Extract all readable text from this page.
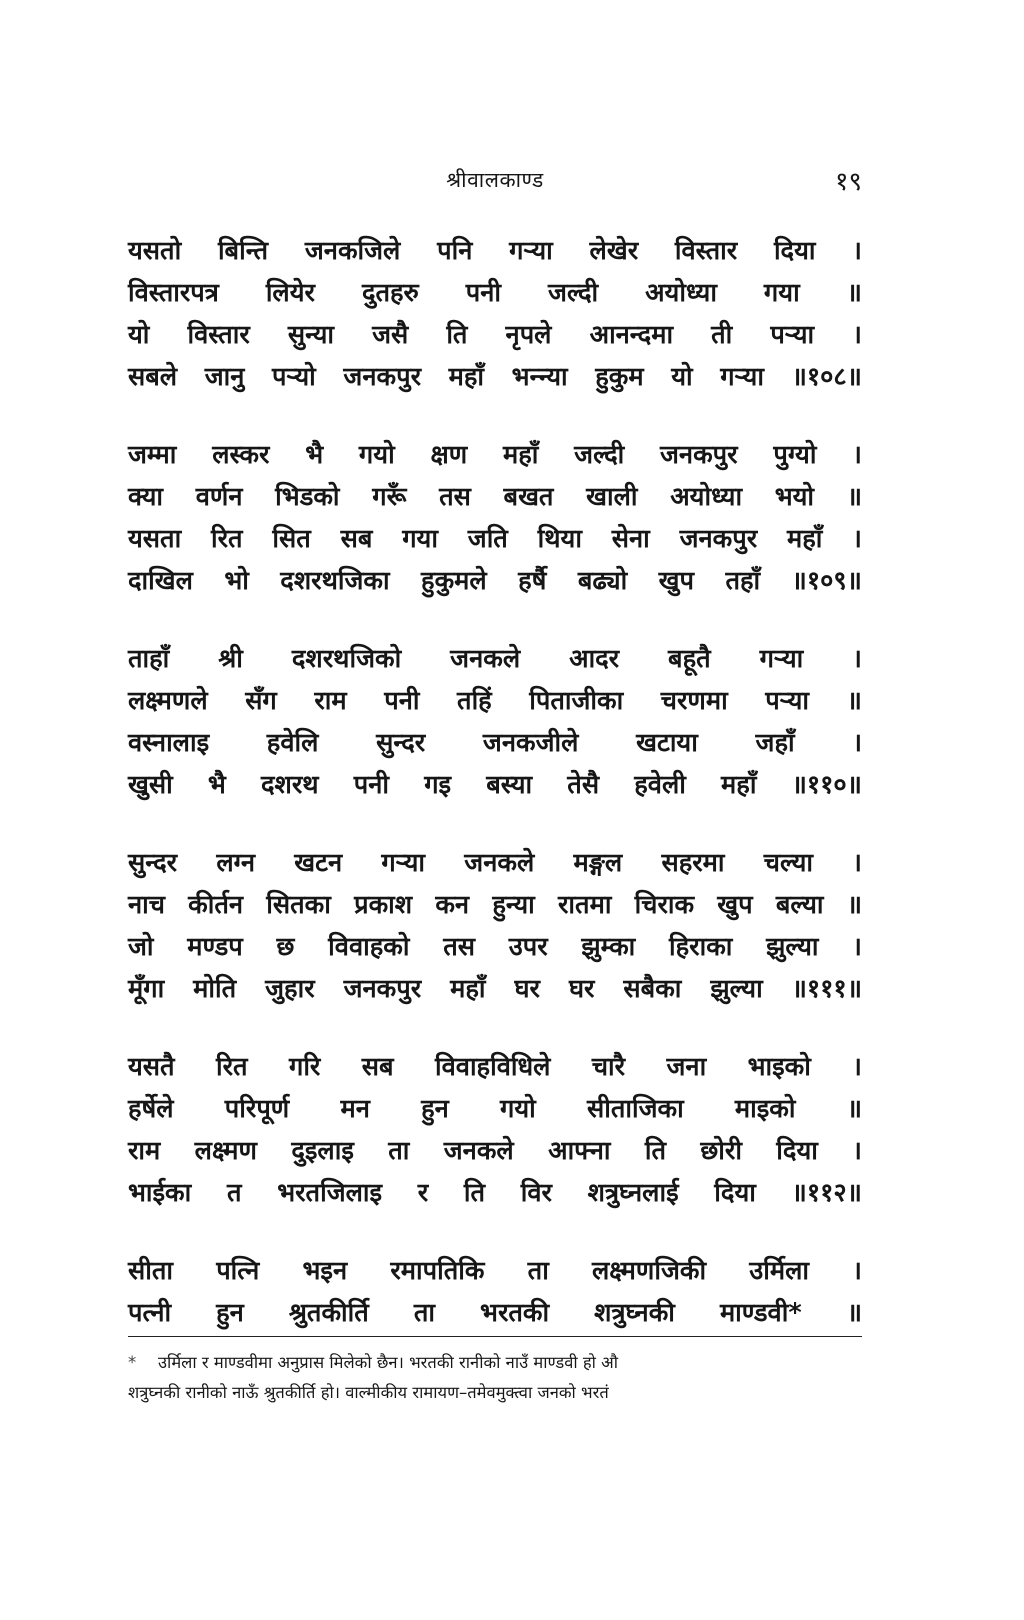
श्रीवालकाण्ड	१९
यसतो बिन्ति जनकजिले पनि गऱ्या लेखेर विस्तार दिया ।
विस्तारपत्र लियेर दुतहरु पनी जल्दी अयोध्या गया ॥
यो विस्तार सुन्या जसै ति नृपले आनन्दमा ती पऱ्या ।
सबले जानु पऱ्यो जनकपुर महाँ भन्न्या हुकुम यो गऱ्या ॥१०८॥
जम्मा लस्कर भै गयो क्षण महाँ जल्दी जनकपुर पुग्यो ।
क्या वर्णन भिडको गरूँ तस बखत खाली अयोध्या भयो ॥
यसता रित सित सब गया जति थिया सेना जनकपुर महाँ ।
दाखिल भो दशरथजिका हुकुमले हर्षै बढ्यो खुप तहाँ ॥१०९॥
ताहाँ श्री दशरथजिको जनकले आदर बहूतै गऱ्या ।
लक्ष्मणले सँग राम पनी तहिं पिताजीका चरणमा पऱ्या ॥
वस्नालाइ हवेलि सुन्दर जनकजीले खटाया जहाँ ।
खुसी भै दशरथ पनी गइ बस्या तेसै हवेली महाँ ॥११०॥
सुन्दर लग्न खटन गऱ्या जनकले मङ्गल सहरमा चल्या ।
नाच कीर्तन सितका प्रकाश कन हुन्या रातमा चिराक खुप बल्या ॥
जो मण्डप छ विवाहको तस उपर झुम्का हिराका झुल्या ।
मूँगा मोति जुहार जनकपुर महाँ घर घर सबैका झुल्या ॥१११॥
यसतै रित गरि सब विवाहविधिले चारै जना भाइको ।
हर्षेले परिपूर्ण मन हुन गयो सीताजिका माइको ॥
राम लक्ष्मण दुइलाइ ता जनकले आफ्ना ति छोरी दिया ।
भाईका त भरतजिलाइ र ति विर शत्रुघ्नलाई दिया ॥११२॥
सीता पत्नि भइन रमापतिकि ता लक्ष्मणजिकी उर्मिला ।
पत्नी हुन श्रुतकीर्ति ता भरतकी शत्रुघ्नकी माण्डवी* ॥
* उर्मिला र माण्डवीमा अनुप्रास मिलेको छैन। भरतकी रानीको नाउँ माण्डवी हो औ
शत्रुघ्नकी रानीको नाऊँ श्रुतकीर्ति हो। वाल्मीकीय रामायण–तमेवमुक्त्वा जनको भरतं
